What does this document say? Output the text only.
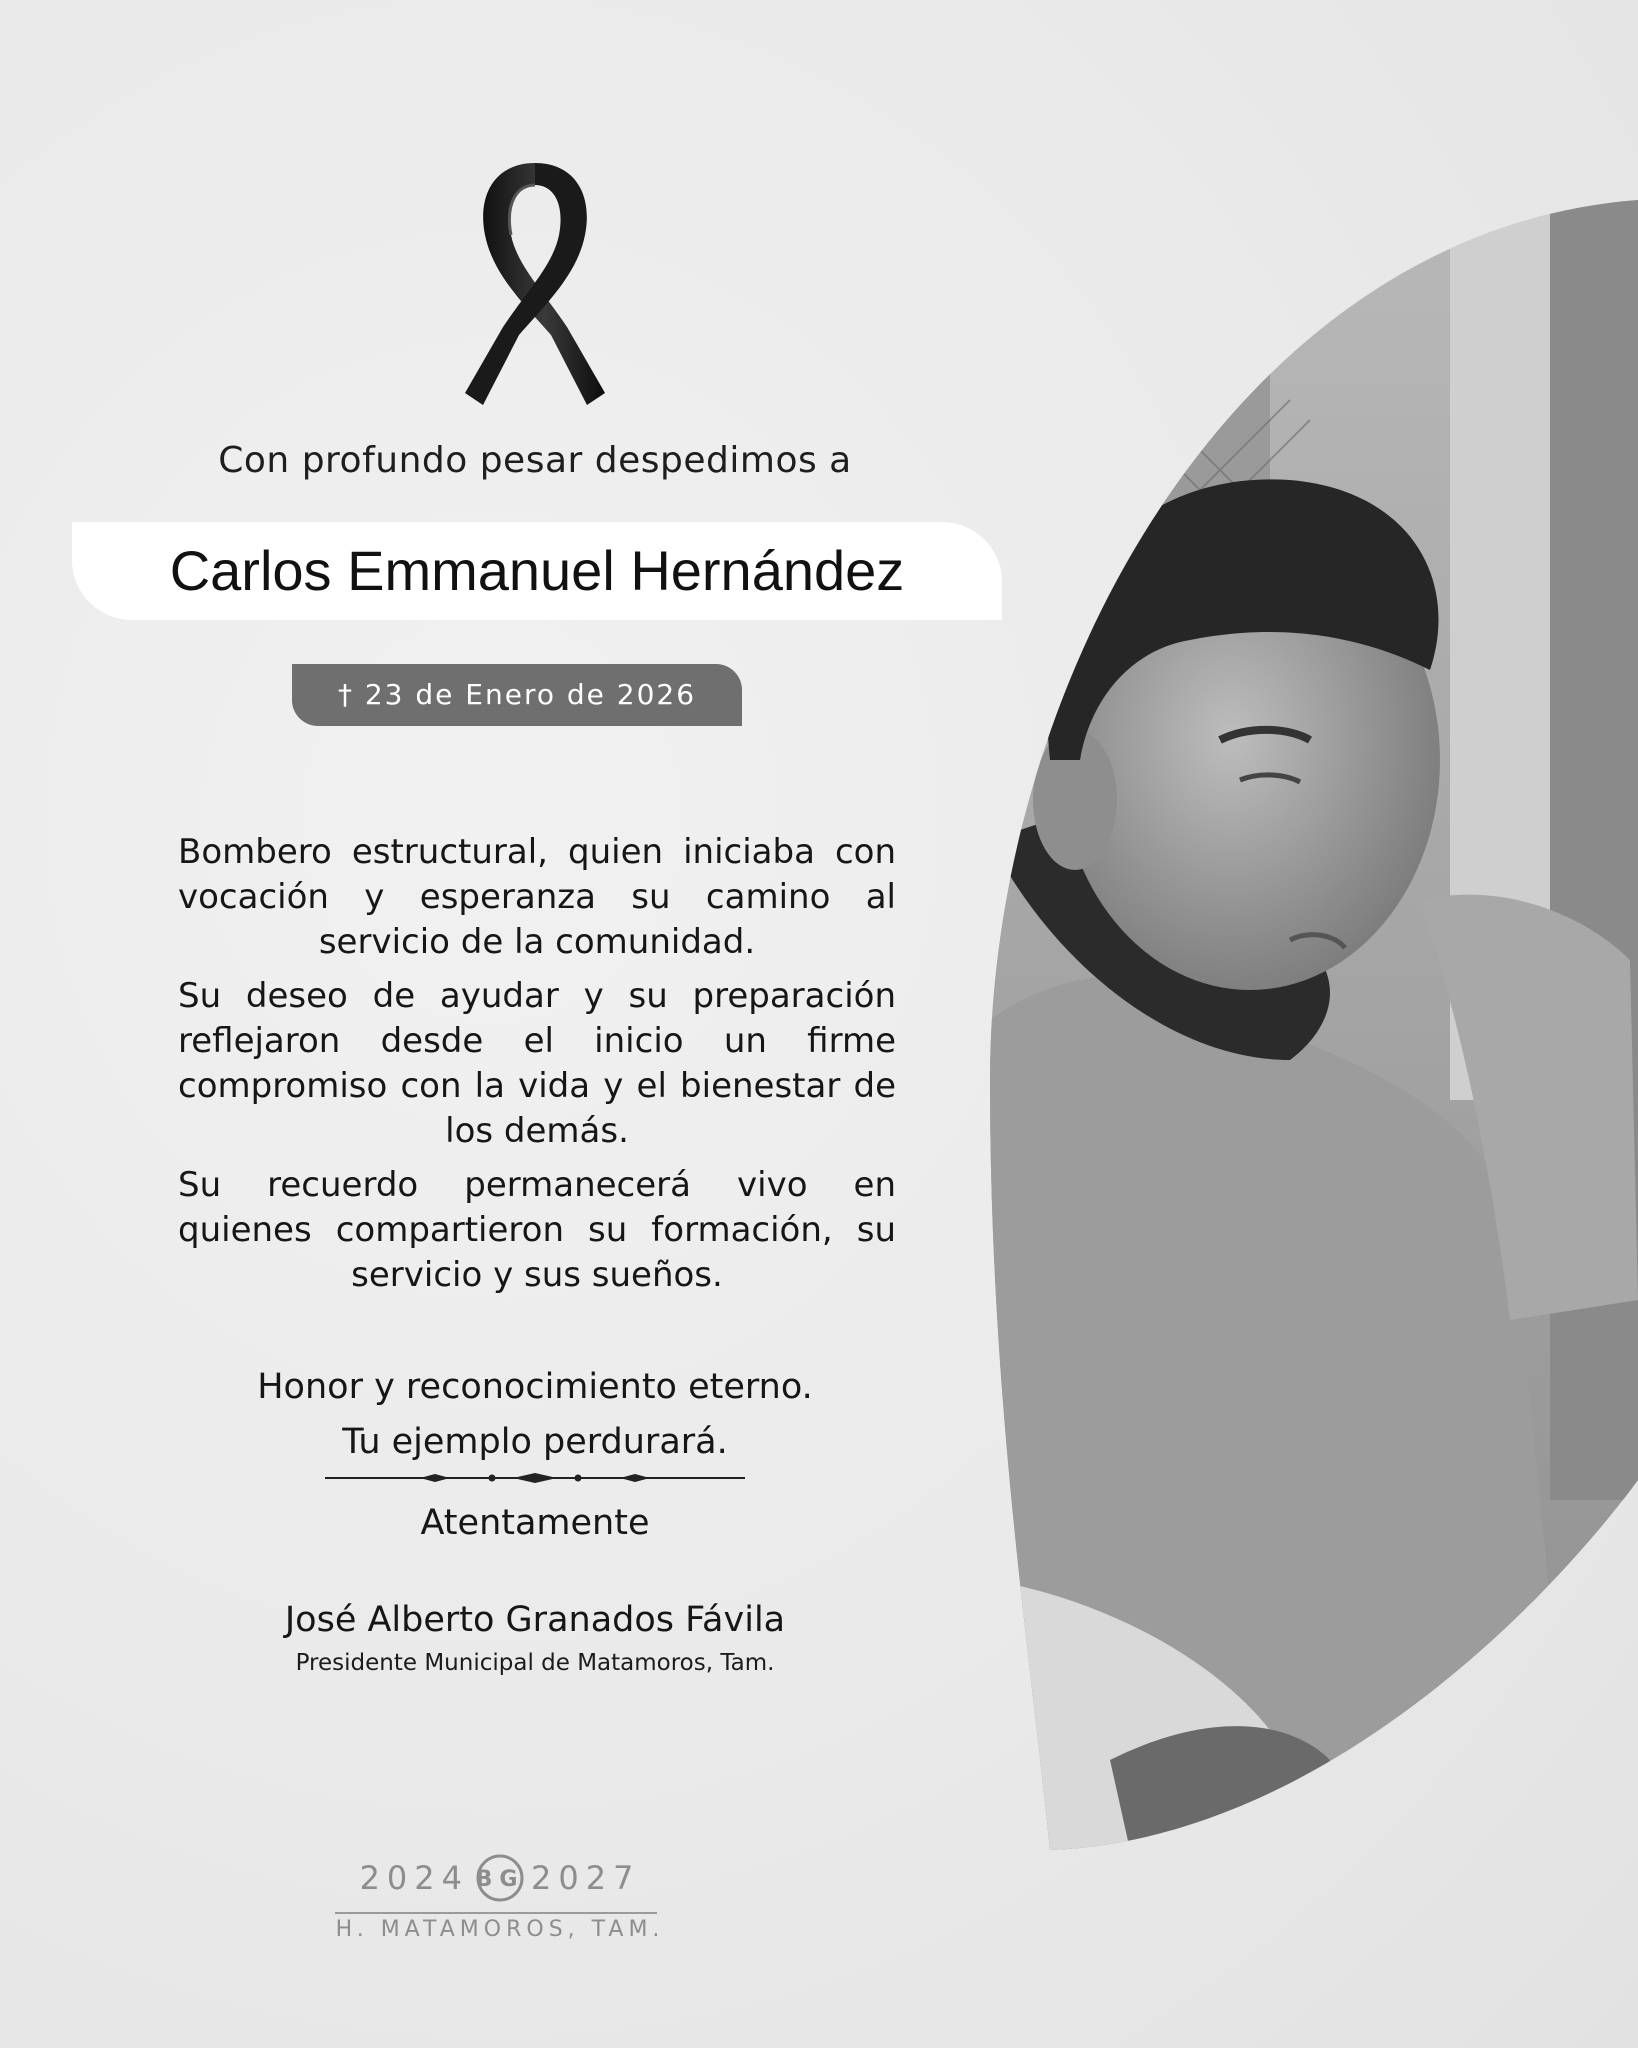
Con profundo pesar despedimos a
Carlos Emmanuel Hernández
† 23 de Enero de 2026

Bombero estructural, quien iniciaba con vocación y esperanza su camino al servicio de la comunidad.

Su deseo de ayudar y su preparación reflejaron desde el inicio un firme compromiso con la vida y el bienestar de los demás.

Su recuerdo permanecerá vivo en quienes compartieron su formación, su servicio y sus sueños.

Honor y reconocimiento eterno.
Tu ejemplo perdurará.
Atentamente
José Alberto Granados Fávila
Presidente Municipal de Matamoros, Tam.
2024 BG 2027
H. MATAMOROS, TAM.
